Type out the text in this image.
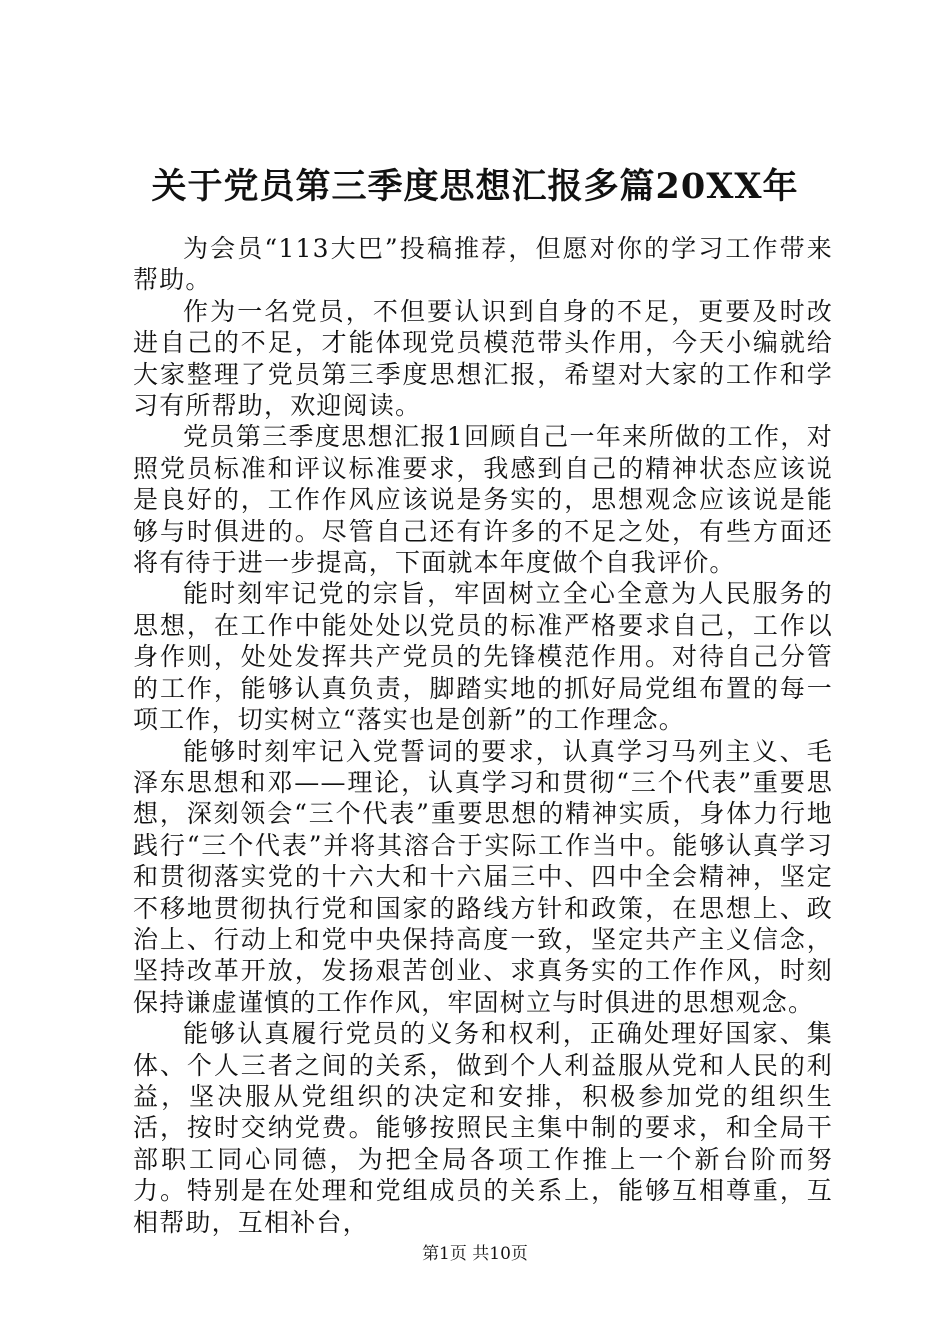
关于党员第三季度思想汇报多篇20XX年

为会员“113大巴”投稿推荐，但愿对你的学习工作带来帮助。

作为一名党员，不但要认识到自身的不足，更要及时改进自己的不足，才能体现党员模范带头作用，今天小编就给大家整理了党员第三季度思想汇报，希望对大家的工作和学习有所帮助，欢迎阅读。

党员第三季度思想汇报1回顾自己一年来所做的工作，对照党员标准和评议标准要求，我感到自己的精神状态应该说是良好的，工作作风应该说是务实的，思想观念应该说是能够与时俱进的。尽管自己还有许多的不足之处，有些方面还将有待于进一步提高，下面就本年度做个自我评价。

能时刻牢记党的宗旨，牢固树立全心全意为人民服务的思想，在工作中能处处以党员的标准严格要求自己，工作以身作则，处处发挥共产党员的先锋模范作用。对待自己分管的工作，能够认真负责，脚踏实地的抓好局党组布置的每一项工作，切实树立“落实也是创新”的工作理念。

能够时刻牢记入党誓词的要求，认真学习马列主义、毛泽东思想和邓——理论，认真学习和贯彻“三个代表”重要思想，深刻领会“三个代表”重要思想的精神实质，身体力行地践行“三个代表”并将其溶合于实际工作当中。能够认真学习和贯彻落实党的十六大和十六届三中、四中全会精神，坚定不移地贯彻执行党和国家的路线方针和政策，在思想上、政治上、行动上和党中央保持高度一致，坚定共产主义信念，坚持改革开放，发扬艰苦创业、求真务实的工作作风，时刻保持谦虚谨慎的工作作风，牢固树立与时俱进的思想观念。

能够认真履行党员的义务和权利，正确处理好国家、集体、个人三者之间的关系，做到个人利益服从党和人民的利益，坚决服从党组织的决定和安排，积极参加党的组织生活，按时交纳党费。能够按照民主集中制的要求，和全局干部职工同心同德，为把全局各项工作推上一个新台阶而努力。特别是在处理和党组成员的关系上，能够互相尊重，互相帮助，互相补台，

第1页 共10页
